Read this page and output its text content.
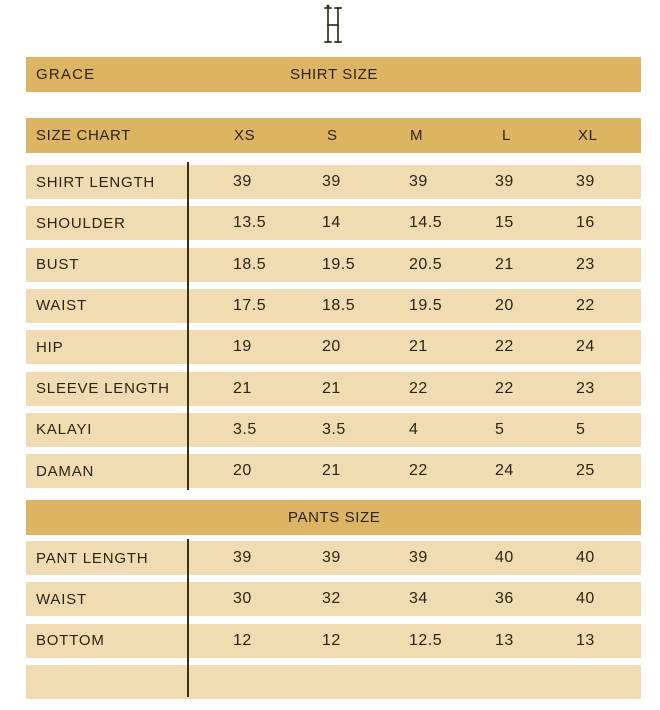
GRACE	SHIRT SIZE
SIZE CHART	XS	S	M	L	XL
SHIRT LENGTH	39	39	39	39	39
SHOULDER	13.5	14	14.5	15	16
BUST	18.5	19.5	20.5	21	23
WAIST	17.5	18.5	19.5	20	22
HIP	19	20	21	22	24
SLEEVE LENGTH	21	21	22	22	23
KALAYI	3.5	3.5	4	5	5
DAMAN	20	21	22	24	25
PANTS SIZE
PANT LENGTH	39	39	39	40	40
WAIST	30	32	34	36	40
BOTTOM	12	12	12.5	13	13
